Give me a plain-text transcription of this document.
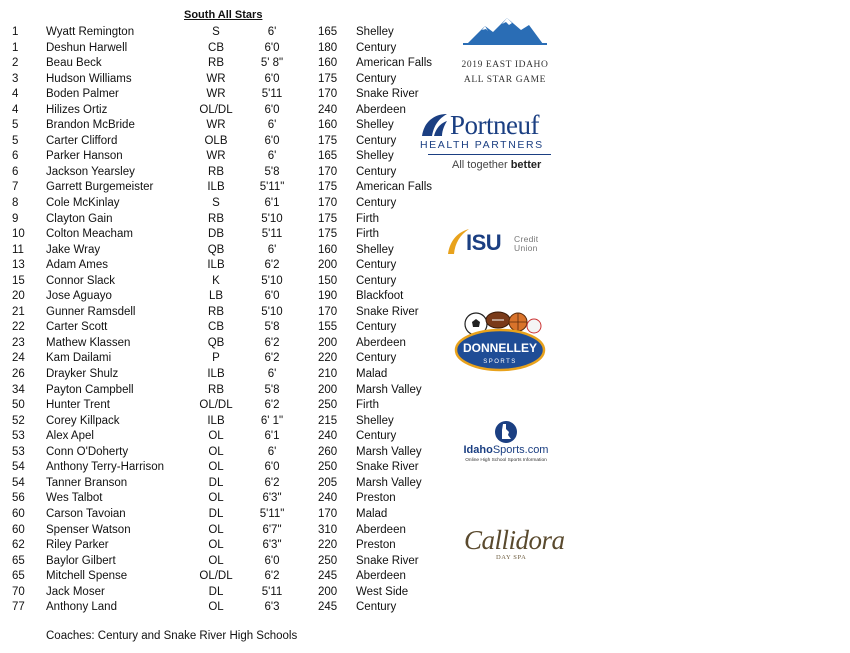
South All Stars
1 Wyatt Remington	S	6'	165 Shelley
1 Deshun Harwell	CB	6'0	180 Century
2 Beau Beck	RB	5' 8"	160 American Falls
3 Hudson Williams	WR	6'0	175 Century
4 Boden Palmer	WR	5'11	170 Snake River
4 Hilizes Ortiz	OL/DL	6'0	240 Aberdeen
5 Brandon McBride	WR	6'	160 Shelley
5 Carter Clifford	OLB	6'0	175 Century
6 Parker Hanson	WR	6'	165 Shelley
6 Jackson Yearsley	RB	5'8	170 Century
7 Garrett Burgemeister	ILB	5'11"	175 American Falls
8 Cole McKinlay	S	6'1	170 Century
9 Clayton Gain	RB	5'10	175 Firth
10 Colton Meacham	DB	5'11	175 Firth
11 Jake Wray	QB	6'	160 Shelley
13 Adam Ames	ILB	6'2	200 Century
15 Connor Slack	K	5'10	150 Century
20 Jose Aguayo	LB	6'0	190 Blackfoot
21 Gunner Ramsdell	RB	5'10	170 Snake River
22 Carter Scott	CB	5'8	155 Century
23 Mathew Klassen	QB	6'2	200 Aberdeen
24 Kam Dailami	P	6'2	220 Century
26 Drayker Shulz	ILB	6'	210 Malad
34 Payton Campbell	RB	5'8	200 Marsh Valley
50 Hunter Trent	OL/DL	6'2	250 Firth
52 Corey Killpack	ILB	6' 1"	215 Shelley
53 Alex Apel	OL	6'1	240 Century
53 Conn O'Doherty	OL	6'	260 Marsh Valley
54 Anthony Terry-Harrison	OL	6'0	250 Snake River
54 Tanner Branson	DL	6'2	205 Marsh Valley
56 Wes Talbot	OL	6'3"	240 Preston
60 Carson Tavoian	DL	5'11"	170 Malad
60 Spenser Watson	OL	6'7"	310 Aberdeen
62 Riley Parker	OL	6'3"	220 Preston
65 Baylor Gilbert	OL	6'0	250 Snake River
65 Mitchell Spense	OL/DL	6'2	245 Aberdeen
70 Jack Moser	DL	5'11	200 West Side
77 Anthony Land	OL	6'3	245 Century
Coaches: Century and Snake River High Schools
2019 EAST IDAHO
ALL STAR GAME
Portneuf
HEALTH PARTNERS
All together better
ISU Credit
Union
DONNELLEY
SPORTS
IdahoSports.com
Online High School Sports Information
Callidora
DAY SPA
